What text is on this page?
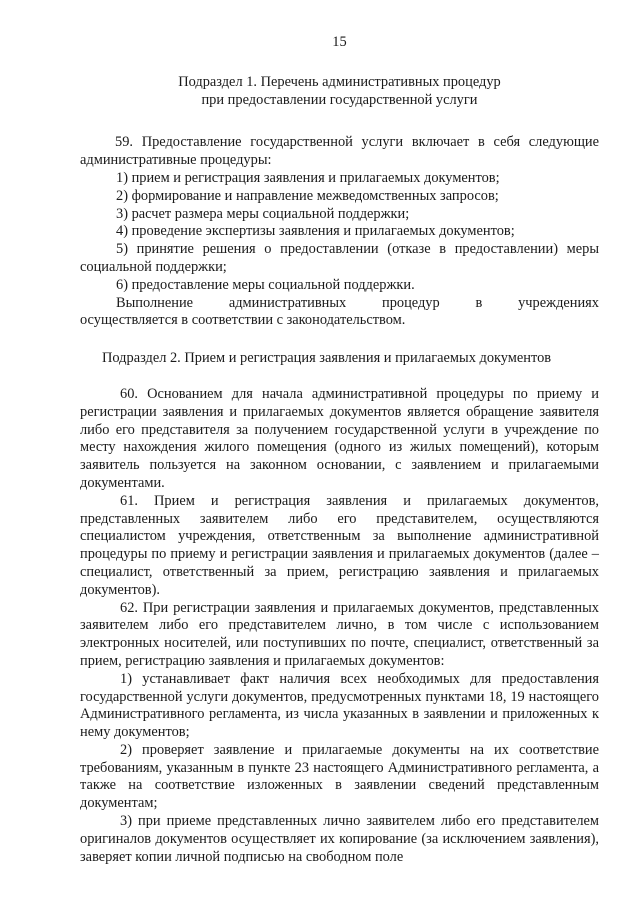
15
Подраздел 1. Перечень административных процедур
при предоставлении государственной услуги

59. Предоставление государственной услуги включает в себя следующие административные процедуры:

1) прием и регистрация заявления и прилагаемых документов;

2) формирование и направление межведомственных запросов;

3) расчет размера меры социальной поддержки;

4) проведение экспертизы заявления и прилагаемых документов;

5) принятие решения о предоставлении (отказе в предоставлении) меры социальной поддержки;

6) предоставление меры социальной поддержки.

Выполнение административных процедур в учреждениях

осуществляется в соответствии с законодательством.

Подраздел 2. Прием и регистрация заявления и прилагаемых документов

60. Основанием для начала административной процедуры по приему и регистрации заявления и прилагаемых документов является обращение заявителя либо его представителя за получением государственной услуги в учреждение по месту нахождения жилого помещения (одного из жилых помещений), которым заявитель пользуется на законном основании, с заявлением и прилагаемыми документами.

61. Прием и регистрация заявления и прилагаемых документов, представленных заявителем либо его представителем, осуществляются специалистом учреждения, ответственным за выполнение административной процедуры по приему и регистрации заявления и прилагаемых документов (далее – специалист, ответственный за прием, регистрацию заявления и прилагаемых документов).

62. При регистрации заявления и прилагаемых документов, представленных заявителем либо его представителем лично, в том числе с использованием электронных носителей, или поступивших по почте, специалист, ответственный за прием, регистрацию заявления и прилагаемых документов:

1) устанавливает факт наличия всех необходимых для предоставления государственной услуги документов, предусмотренных пунктами 18, 19 настоящего Административного регламента, из числа указанных в заявлении и приложенных к нему документов;

2) проверяет заявление и прилагаемые документы на их соответствие требованиям, указанным в пункте 23 настоящего Административного регламента, а также на соответствие изложенных в заявлении сведений представленным документам;

3) при приеме представленных лично заявителем либо его представителем оригиналов документов осуществляет их копирование (за исключением заявления), заверяет копии личной подписью на свободном поле
